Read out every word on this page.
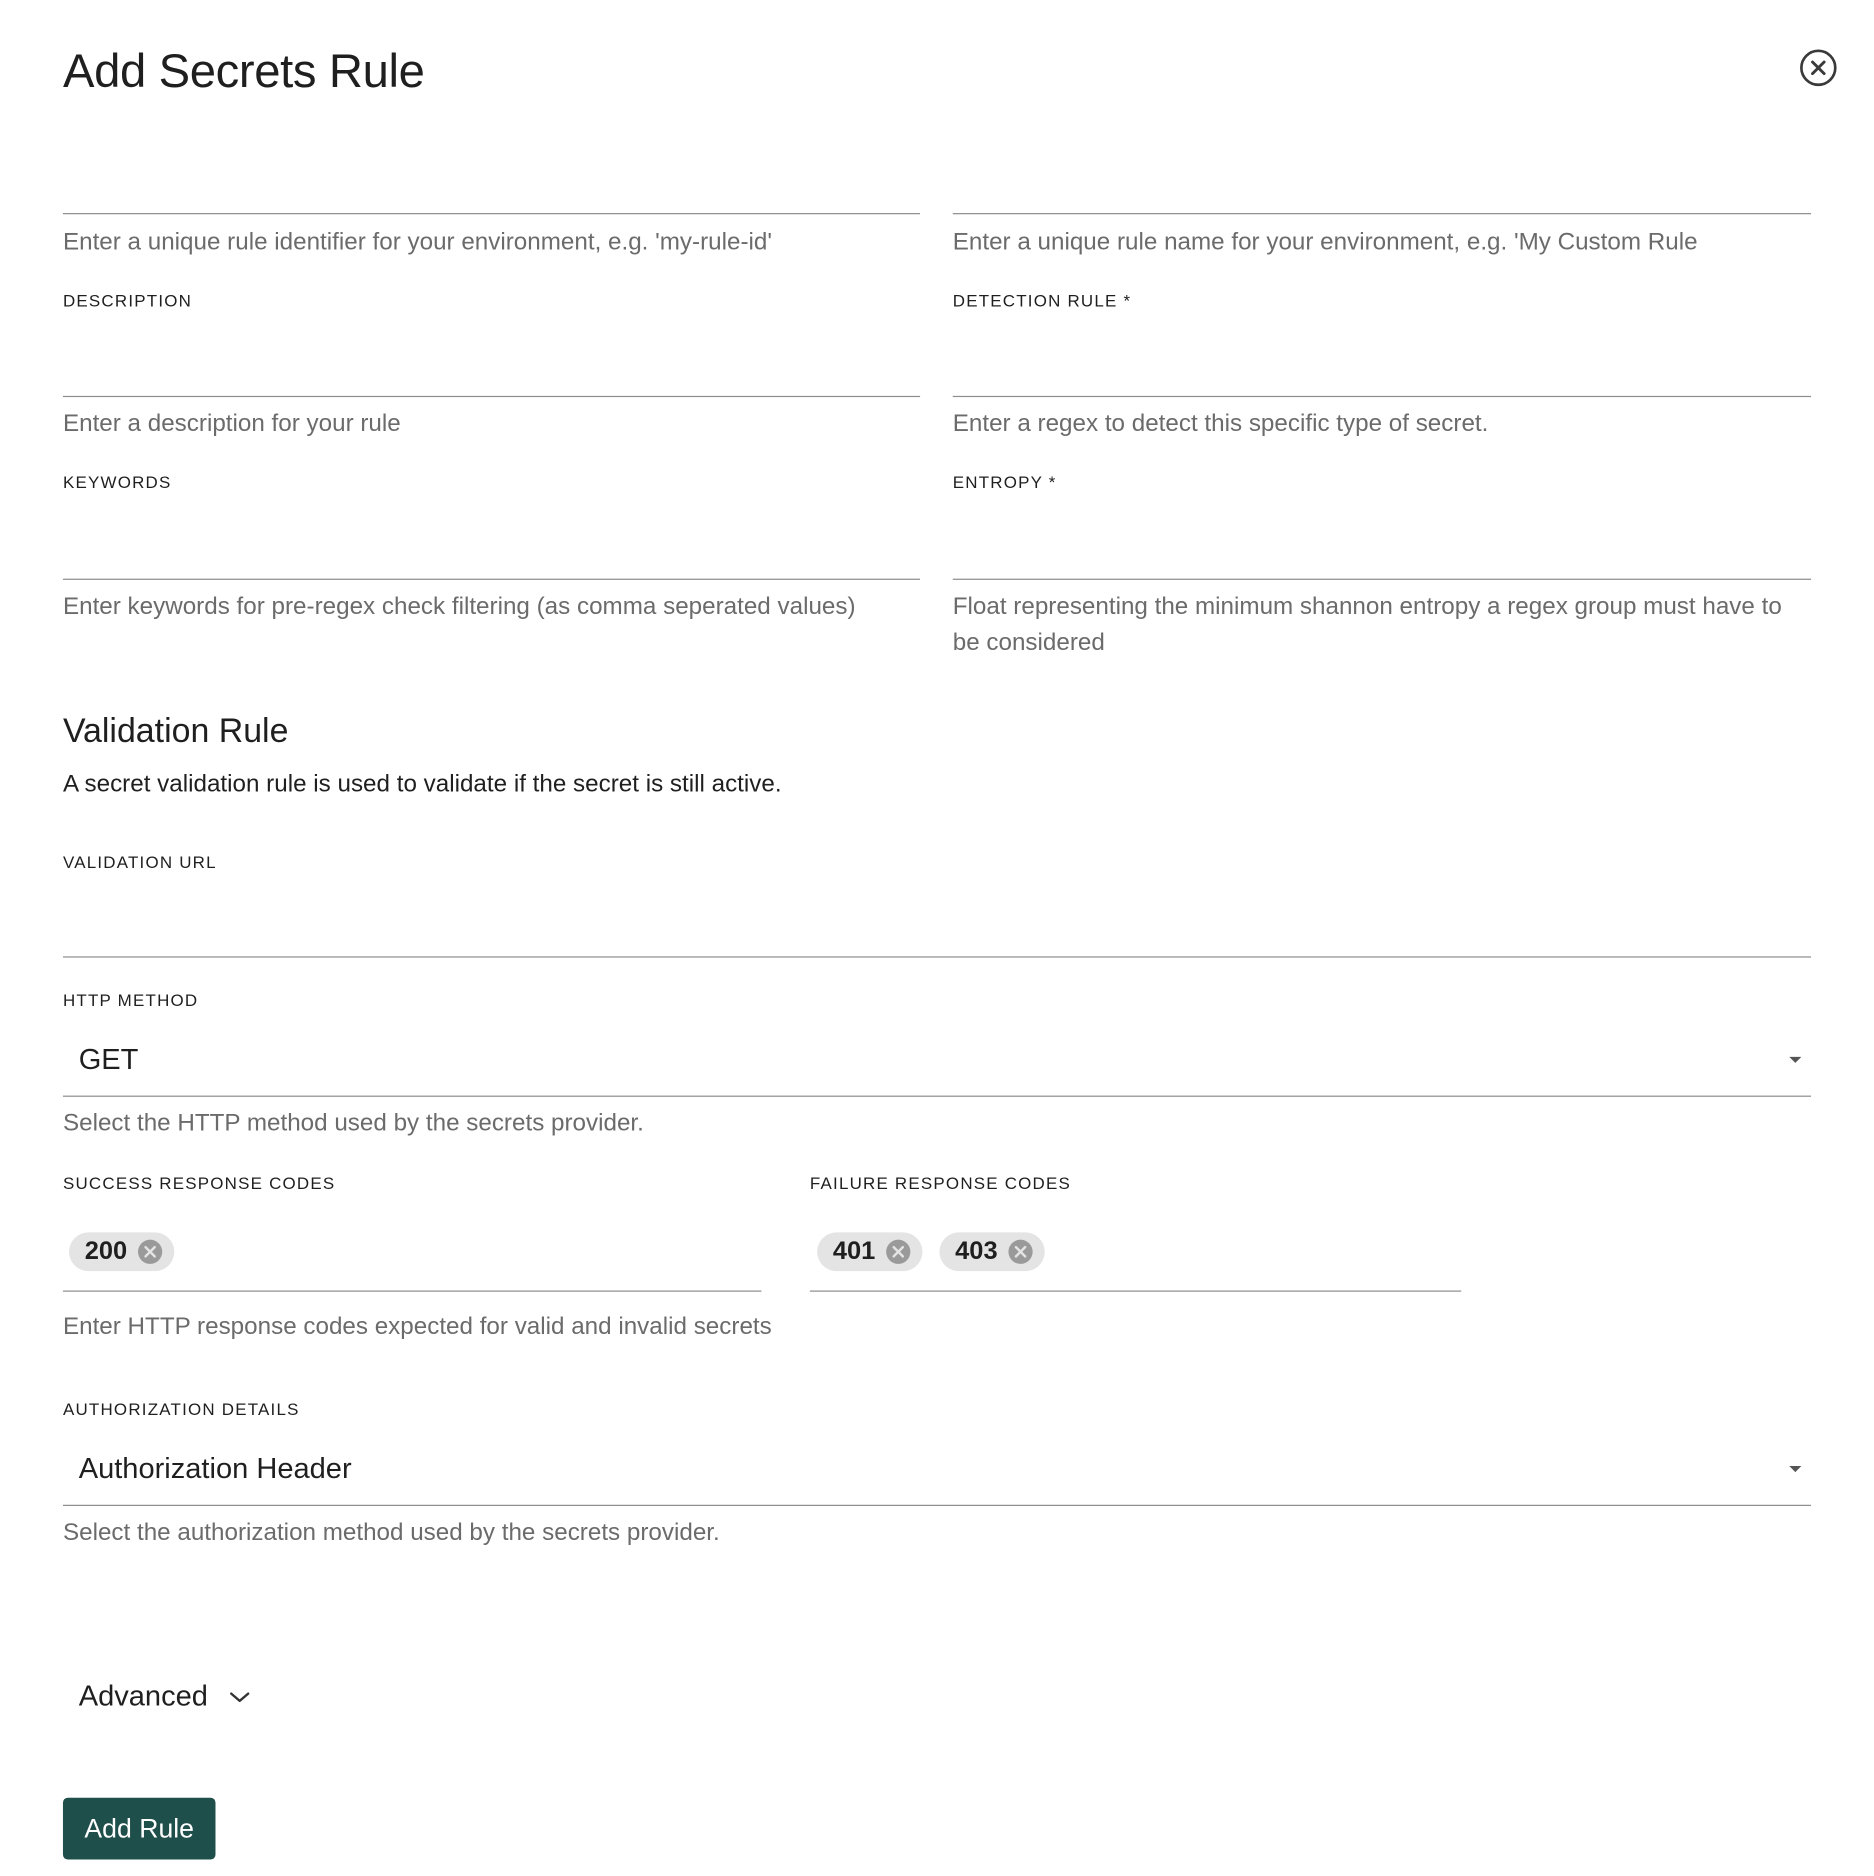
Add Secrets Rule
Enter a unique rule identifier for your environment, e.g. 'my-rule-id'	Enter a unique rule name for your environment, e.g. 'My Custom Rule
DESCRIPTION
Enter a description for your rule
DETECTION RULE *
Enter a regex to detect this specific type of secret.
KEYWORDS
Enter keywords for pre-regex check filtering (as comma seperated values)
ENTROPY *
Float representing the minimum shannon entropy a regex group must have to be considered
Validation Rule
A secret validation rule is used to validate if the secret is still active.
VALIDATION URL
HTTP METHOD
GET
Select the HTTP method used by the secrets provider.
SUCCESS RESPONSE CODES
200
FAILURE RESPONSE CODES
401	403
Enter HTTP response codes expected for valid and invalid secrets
AUTHORIZATION DETAILS
Authorization Header
Select the authorization method used by the secrets provider.
Advanced
Add Rule
